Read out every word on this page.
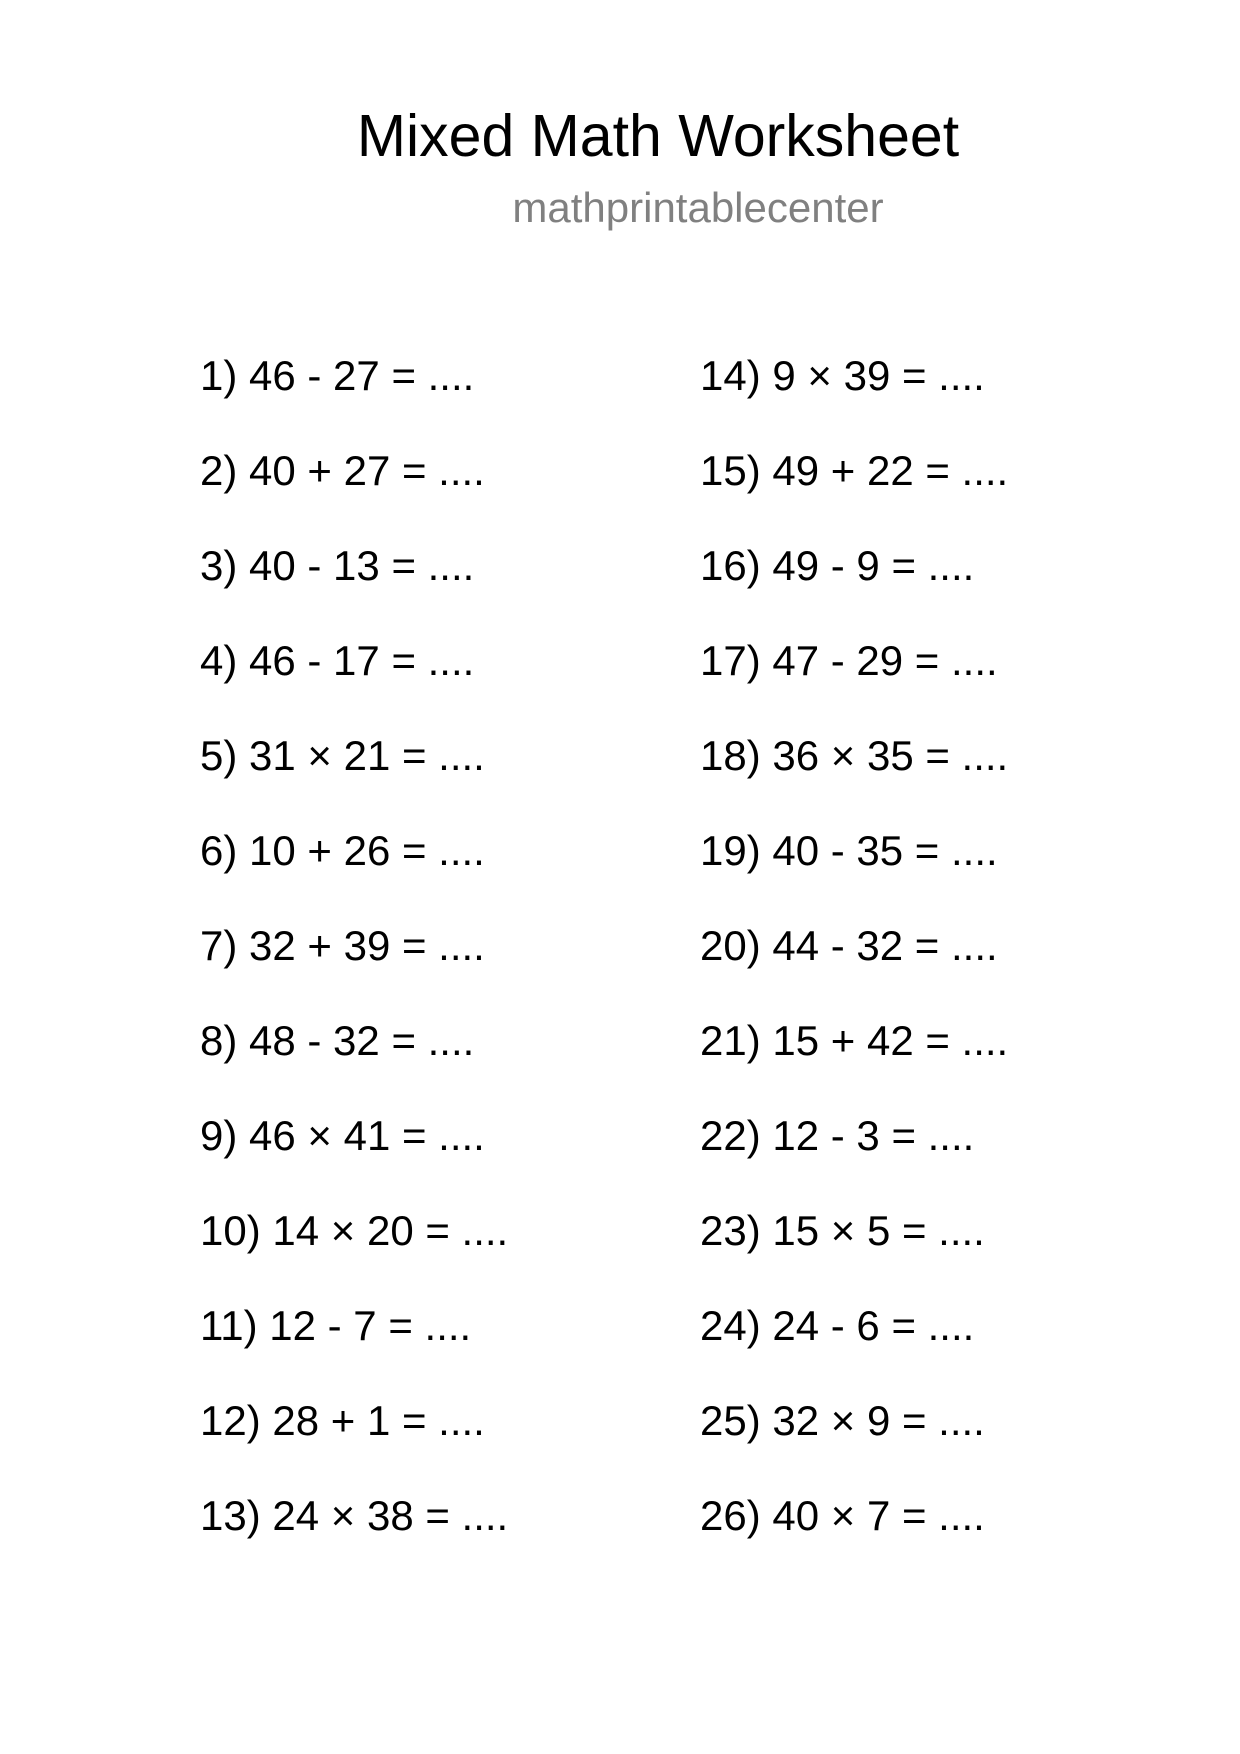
Mixed Math Worksheet
mathprintablecenter
1) 46 - 27 = ....
2) 40 + 27 = ....
3) 40 - 13 = ....
4) 46 - 17 = ....
5) 31 × 21 = ....
6) 10 + 26 = ....
7) 32 + 39 = ....
8) 48 - 32 = ....
9) 46 × 41 = ....
10) 14 × 20 = ....
11) 12 - 7 = ....
12) 28 + 1 = ....
13) 24 × 38 = ....
14) 9 × 39 = ....
15) 49 + 22 = ....
16) 49 - 9 = ....
17) 47 - 29 = ....
18) 36 × 35 = ....
19) 40 - 35 = ....
20) 44 - 32 = ....
21) 15 + 42 = ....
22) 12 - 3 = ....
23) 15 × 5 = ....
24) 24 - 6 = ....
25) 32 × 9 = ....
26) 40 × 7 = ....
